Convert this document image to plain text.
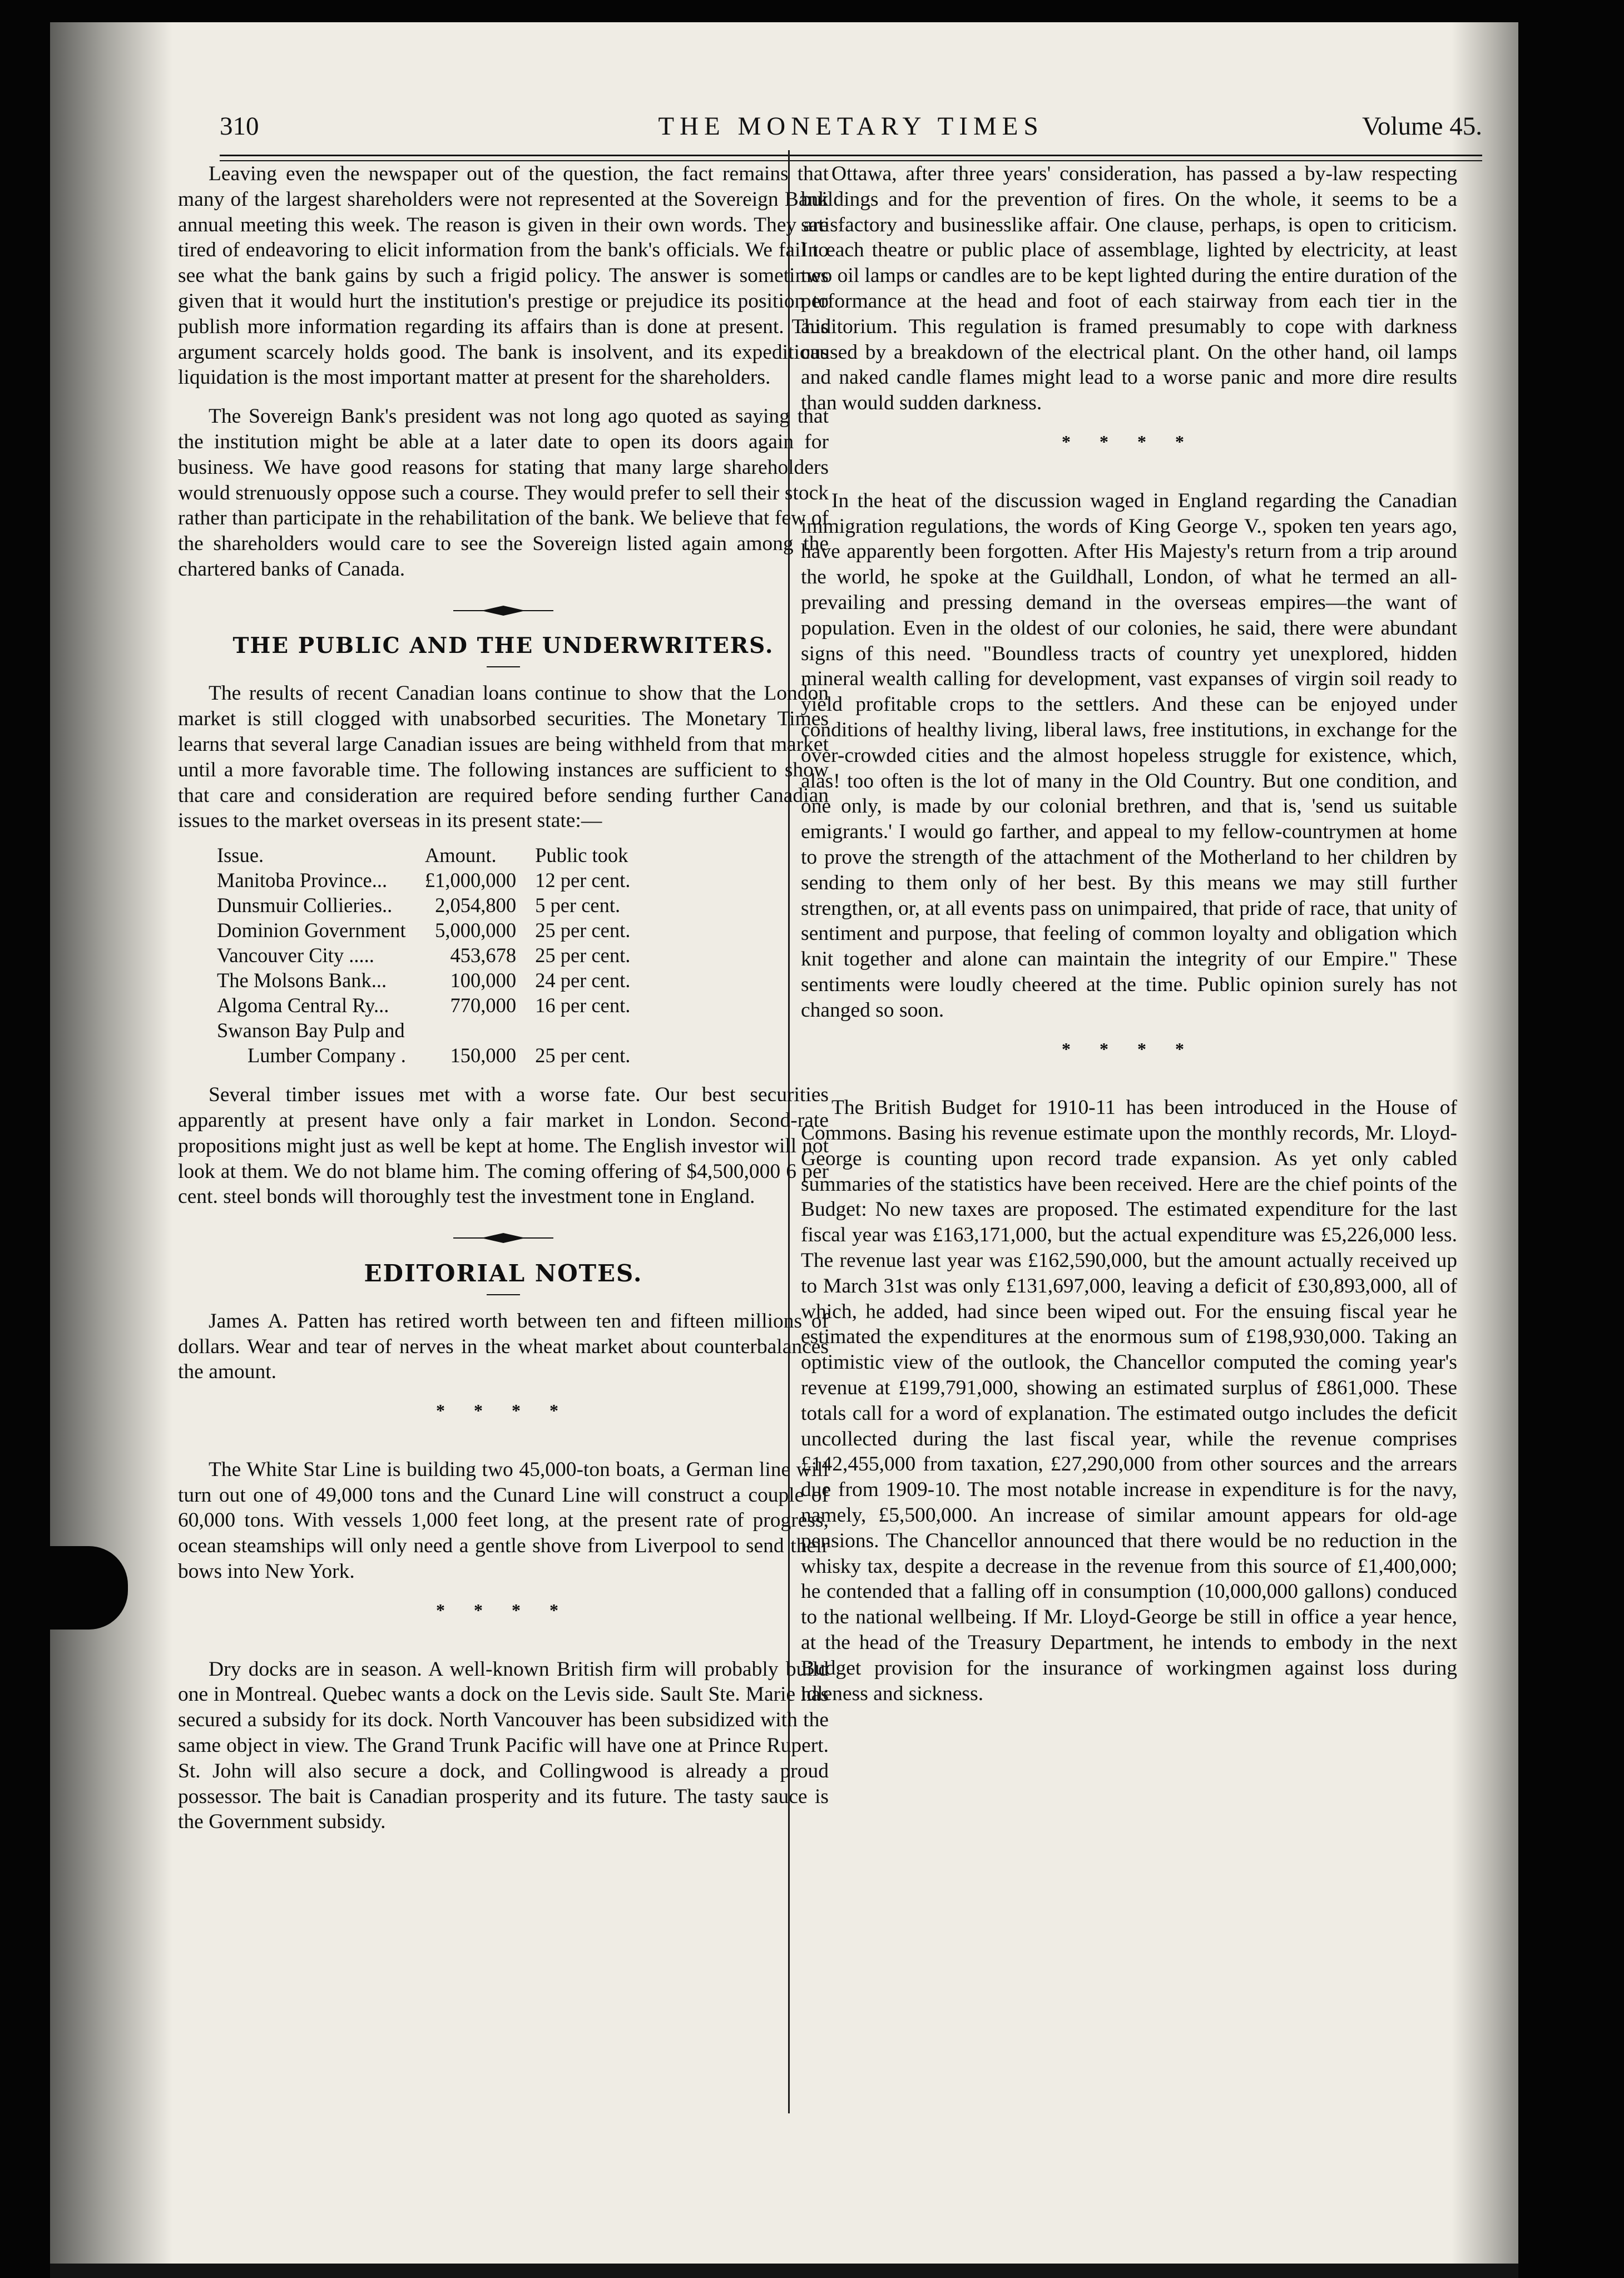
310	THE MONETARY TIMES	Volume 45.

Leaving even the newspaper out of the question, the fact remains that many of the largest shareholders were not represented at the Sovereign Bank annual meeting this week. The reason is given in their own words. They are tired of endeavoring to elicit information from the bank's officials. We fail to see what the bank gains by such a frigid policy. The answer is sometimes given that it would hurt the institution's prestige or prejudice its position to publish more information regarding its affairs than is done at present. This argument scarcely holds good. The bank is insolvent, and its expeditious liquidation is the most important matter at present for the shareholders.

The Sovereign Bank's president was not long ago quoted as saying that the institution might be able at a later date to open its doors again for business. We have good reasons for stating that many large shareholders would strenuously oppose such a course. They would prefer to sell their stock rather than participate in the rehabilitation of the bank. We believe that few of the shareholders would care to see the Sovereign listed again among the chartered banks of Canada.

THE PUBLIC AND THE UNDERWRITERS.

The results of recent Canadian loans continue to show that the London market is still clogged with unabsorbed securities. The Monetary Times learns that several large Canadian issues are being withheld from that market until a more favorable time. The following instances are sufficient to show that care and consideration are required before sending further Canadian issues to the market overseas in its present state:—

Issue.	Amount.	Public took
Manitoba Province...	£1,000,000	12 per cent.
Dunsmuir Collieries..	2,054,800	5 per cent.
Dominion Government	5,000,000	25 per cent.
Vancouver City .....	453,678	25 per cent.
The Molsons Bank...	100,000	24 per cent.
Algoma Central Ry...	770,000	16 per cent.
Swanson Bay Pulp and		
Lumber Company .	150,000	25 per cent.

Several timber issues met with a worse fate. Our best securities apparently at present have only a fair market in London. Second-rate propositions might just as well be kept at home. The English investor will not look at them. We do not blame him. The coming offering of $4,500,000 6 per cent. steel bonds will thoroughly test the investment tone in England.

EDITORIAL NOTES.

James A. Patten has retired worth between ten and fifteen millions of dollars. Wear and tear of nerves in the wheat market about counterbalances the amount.

* * * *

The White Star Line is building two 45,000-ton boats, a German line will turn out one of 49,000 tons and the Cunard Line will construct a couple of 60,000 tons. With vessels 1,000 feet long, at the present rate of progress, ocean steamships will only need a gentle shove from Liverpool to send their bows into New York.

* * * *

Dry docks are in season. A well-known British firm will probably build one in Montreal. Quebec wants a dock on the Levis side. Sault Ste. Marie has secured a subsidy for its dock. North Vancouver has been subsidized with the same object in view. The Grand Trunk Pacific will have one at Prince Rupert. St. John will also secure a dock, and Collingwood is already a proud possessor. The bait is Canadian prosperity and its future. The tasty sauce is the Government subsidy.

Ottawa, after three years' consideration, has passed a by-law respecting buildings and for the prevention of fires. On the whole, it seems to be a satisfactory and businesslike affair. One clause, perhaps, is open to criticism. In each theatre or public place of assemblage, lighted by electricity, at least two oil lamps or candles are to be kept lighted during the entire duration of the performance at the head and foot of each stairway from each tier in the auditorium. This regulation is framed presumably to cope with darkness caused by a breakdown of the electrical plant. On the other hand, oil lamps and naked candle flames might lead to a worse panic and more dire results than would sudden darkness.

* * * *

In the heat of the discussion waged in England regarding the Canadian immigration regulations, the words of King George V., spoken ten years ago, have apparently been forgotten. After His Majesty's return from a trip around the world, he spoke at the Guildhall, London, of what he termed an all-prevailing and pressing demand in the overseas empires—the want of population. Even in the oldest of our colonies, he said, there were abundant signs of this need. "Boundless tracts of country yet unexplored, hidden mineral wealth calling for development, vast expanses of virgin soil ready to yield profitable crops to the settlers. And these can be enjoyed under conditions of healthy living, liberal laws, free institutions, in exchange for the over-crowded cities and the almost hopeless struggle for existence, which, alas! too often is the lot of many in the Old Country. But one condition, and one only, is made by our colonial brethren, and that is, 'send us suitable emigrants.' I would go farther, and appeal to my fellow-countrymen at home to prove the strength of the attachment of the Motherland to her children by sending to them only of her best. By this means we may still further strengthen, or, at all events pass on unimpaired, that pride of race, that unity of sentiment and purpose, that feeling of common loyalty and obligation which knit together and alone can maintain the integrity of our Empire." These sentiments were loudly cheered at the time. Public opinion surely has not changed so soon.

* * * *

The British Budget for 1910-11 has been introduced in the House of Commons. Basing his revenue estimate upon the monthly records, Mr. Lloyd-George is counting upon record trade expansion. As yet only cabled summaries of the statistics have been received. Here are the chief points of the Budget: No new taxes are proposed. The estimated expenditure for the last fiscal year was £163,171,000, but the actual expenditure was £5,226,000 less. The revenue last year was £162,590,000, but the amount actually received up to March 31st was only £131,697,000, leaving a deficit of £30,893,000, all of which, he added, had since been wiped out. For the ensuing fiscal year he estimated the expenditures at the enormous sum of £198,930,000. Taking an optimistic view of the outlook, the Chancellor computed the coming year's revenue at £199,791,000, showing an estimated surplus of £861,000. These totals call for a word of explanation. The estimated outgo includes the deficit uncollected during the last fiscal year, while the revenue comprises £142,455,000 from taxation, £27,290,000 from other sources and the arrears due from 1909-10. The most notable increase in expenditure is for the navy, namely, £5,500,000. An increase of similar amount appears for old-age pensions. The Chancellor announced that there would be no reduction in the whisky tax, despite a decrease in the revenue from this source of £1,400,000; he contended that a falling off in consumption (10,000,000 gallons) conduced to the national wellbeing. If Mr. Lloyd-George be still in office a year hence, at the head of the Treasury Department, he intends to embody in the next Budget provision for the insurance of workingmen against loss during idleness and sickness.
